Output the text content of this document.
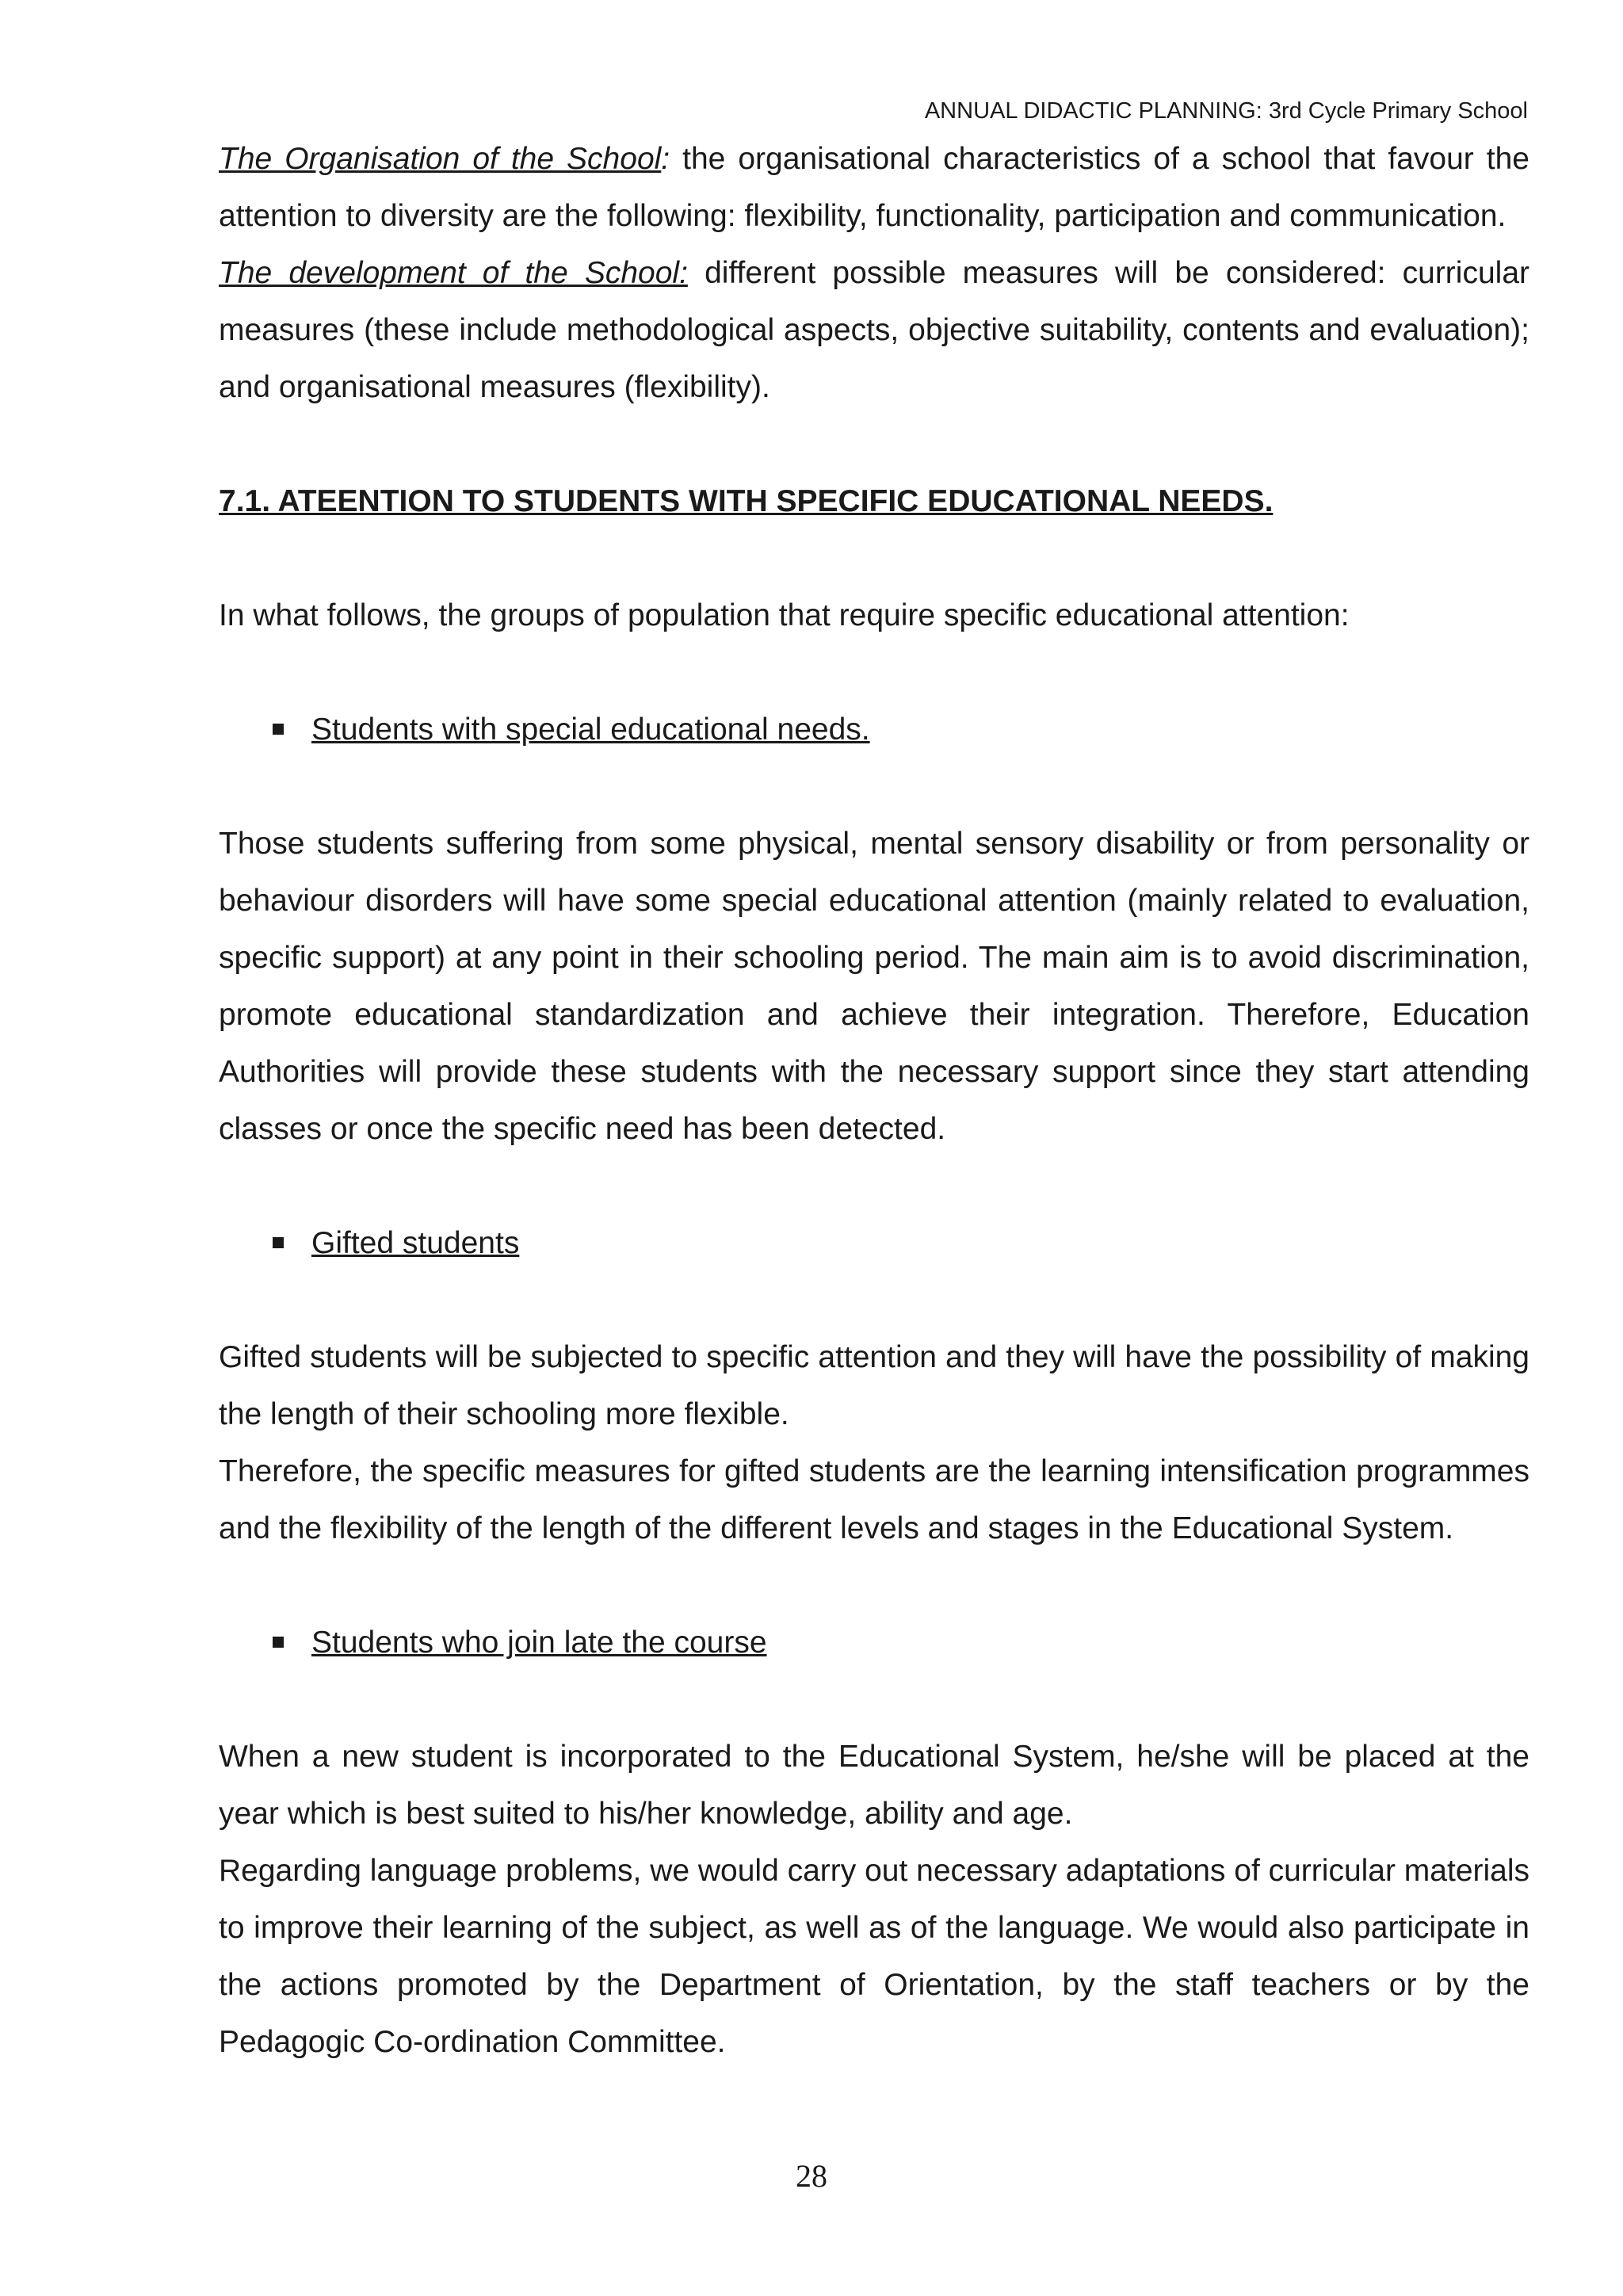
ANNUAL DIDACTIC PLANNING: 3rd Cycle Primary School

The Organisation of the School: the organisational characteristics of a school that favour the attention to diversity are the following: flexibility, functionality, participation and communication.

The development of the School: different possible measures will be considered: curricular measures (these include methodological aspects, objective suitability, contents and evaluation); and organisational measures (flexibility).

7.1. ATEENTION TO STUDENTS WITH SPECIFIC EDUCATIONAL NEEDS.

In what follows, the groups of population that require specific educational attention:

Students with special educational needs.

Those students suffering from some physical, mental sensory disability or from personality or behaviour disorders will have some special educational attention (mainly related to evaluation, specific support) at any point in their schooling period. The main aim is to avoid discrimination, promote educational standardization and achieve their integration. Therefore, Education Authorities will provide these students with the necessary support since they start attending classes or once the specific need has been detected.

Gifted students

Gifted students will be subjected to specific attention and they will have the possibility of making the length of their schooling more flexible.

Therefore, the specific measures for gifted students are the learning intensification programmes and the flexibility of the length of the different levels and stages in the Educational System.

Students who join late the course

When a new student is incorporated to the Educational System, he/she will be placed at the year which is best suited to his/her knowledge, ability and age.

Regarding language problems, we would carry out necessary adaptations of curricular materials to improve their learning of the subject, as well as of the language. We would also participate in the actions promoted by the Department of Orientation, by the staff teachers or by the Pedagogic Co-ordination Committee.

28
